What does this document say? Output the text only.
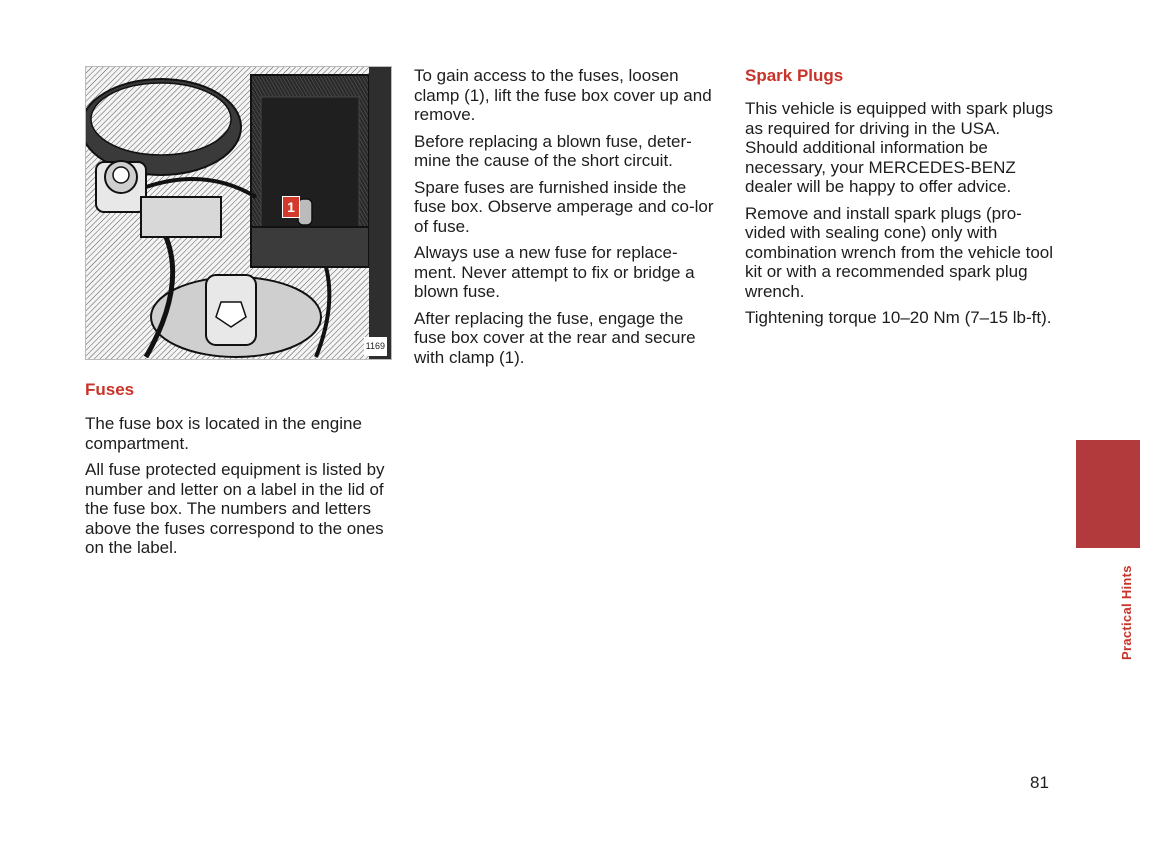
1
1169
Fuses

The fuse box is located in the engine compartment.

All fuse protected equipment is listed by number and letter on a label in the lid of the fuse box. The numbers and letters above the fuses correspond to the ones on the label.

To gain access to the fuses, loosen clamp (1), lift the fuse box cover up and remove.

Before replacing a blown fuse, deter-mine the cause of the short circuit.

Spare fuses are furnished inside the fuse box. Observe amperage and co-lor of fuse.

Always use a new fuse for replace-ment. Never attempt to fix or bridge a blown fuse.

After replacing the fuse, engage the fuse box cover at the rear and secure with clamp (1).

Spark Plugs

This vehicle is equipped with spark plugs as required for driving in the USA. Should additional information be necessary, your MERCEDES-BENZ dealer will be happy to offer advice.

Remove and install spark plugs (pro-vided with sealing cone) only with combination wrench from the vehicle tool kit or with a recommended spark plug wrench.

Tightening torque 10–20 Nm (7–15 lb-ft).

Practical Hints
81
